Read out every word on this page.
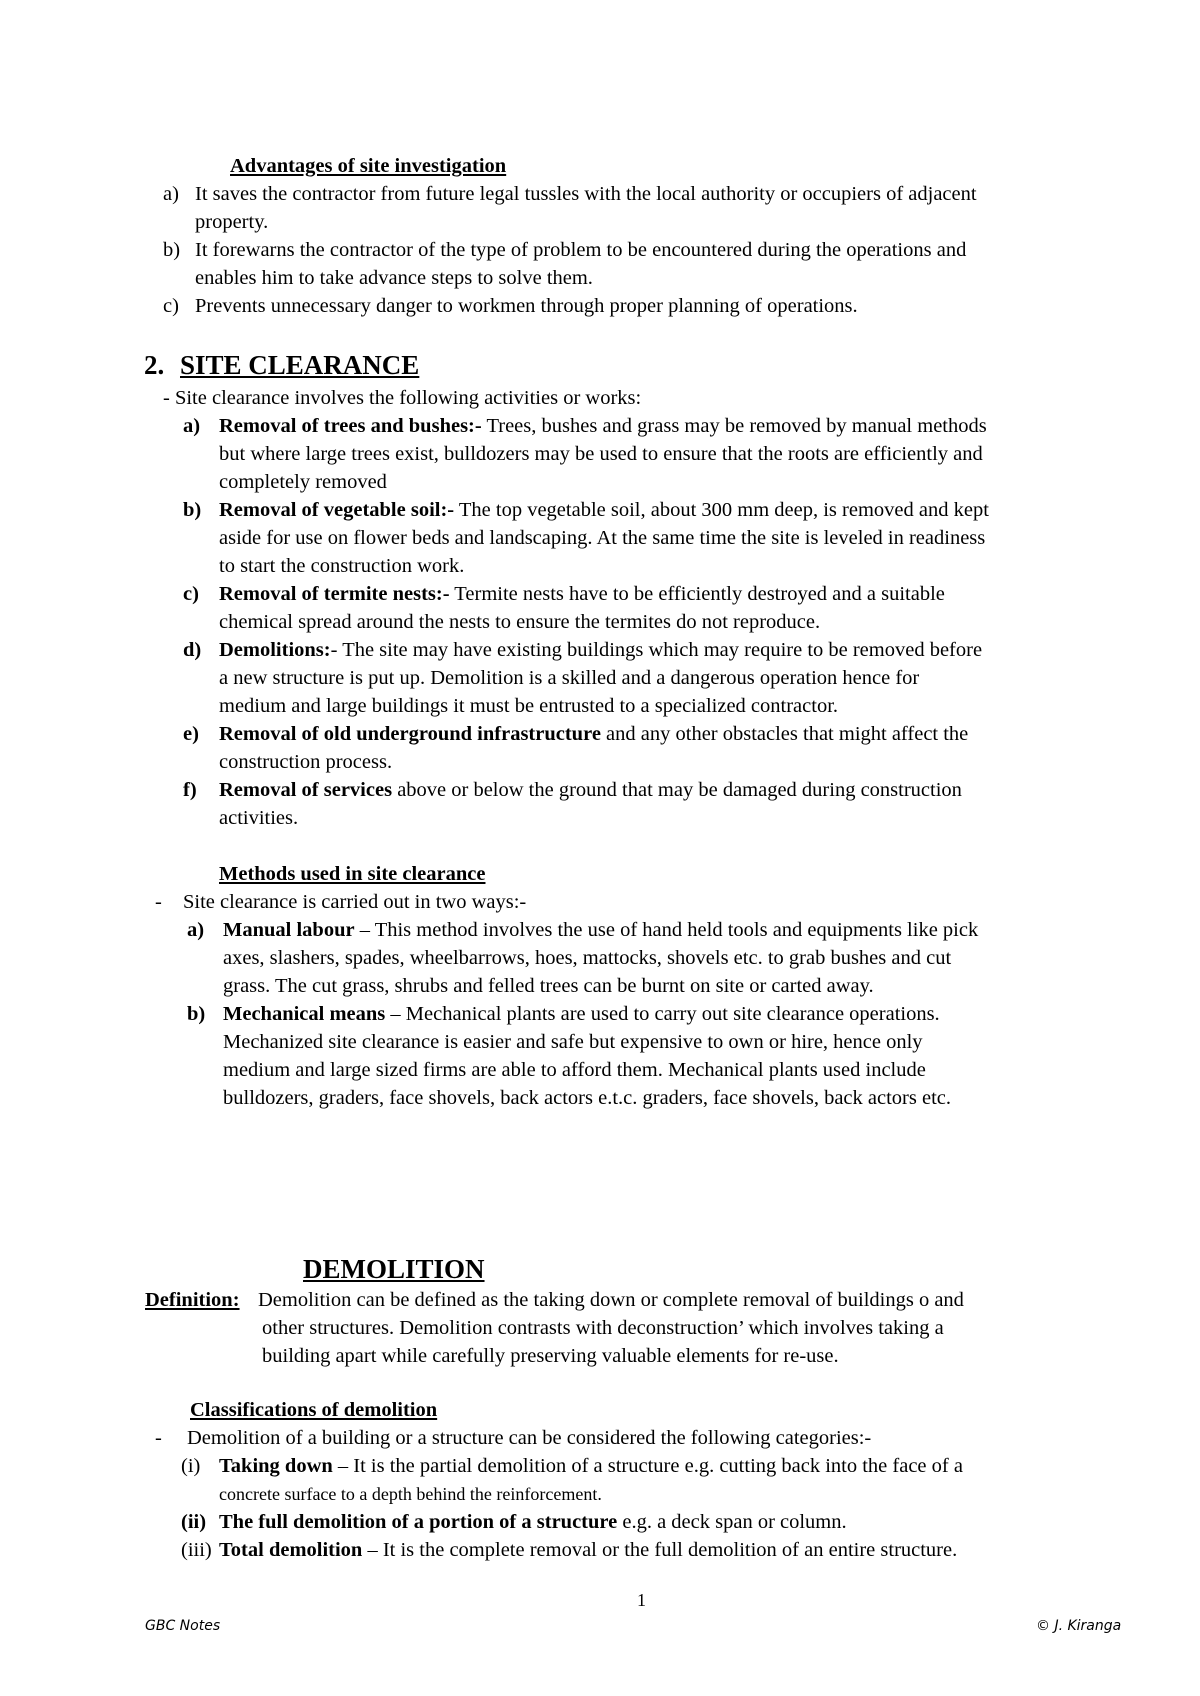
Advantages of site investigation
a) It saves the contractor from future legal tussles with the local authority or occupiers of adjacent
property.
b) It forewarns the contractor of the type of problem to be encountered during the operations and
enables him to take advance steps to solve them.
c) Prevents unnecessary danger to workmen through proper planning of operations.
2. SITE CLEARANCE
- Site clearance involves the following activities or works:
a) Removal of trees and bushes:- Trees, bushes and grass may be removed by manual methods
but where large trees exist, bulldozers may be used to ensure that the roots are efficiently and
completely removed
b) Removal of vegetable soil:- The top vegetable soil, about 300 mm deep, is removed and kept
aside for use on flower beds and landscaping. At the same time the site is leveled in readiness
to start the construction work.
c) Removal of termite nests:- Termite nests have to be efficiently destroyed and a suitable
chemical spread around the nests to ensure the termites do not reproduce.
d) Demolitions:- The site may have existing buildings which may require to be removed before
a new structure is put up. Demolition is a skilled and a dangerous operation hence for
medium and large buildings it must be entrusted to a specialized contractor.
e) Removal of old underground infrastructure and any other obstacles that might affect the
construction process.
f) Removal of services above or below the ground that may be damaged during construction
activities.
Methods used in site clearance
- Site clearance is carried out in two ways:-
a) Manual labour – This method involves the use of hand held tools and equipments like pick
axes, slashers, spades, wheelbarrows, hoes, mattocks, shovels etc. to grab bushes and cut
grass. The cut grass, shrubs and felled trees can be burnt on site or carted away.
b) Mechanical means – Mechanical plants are used to carry out site clearance operations.
Mechanized site clearance is easier and safe but expensive to own or hire, hence only
medium and large sized firms are able to afford them. Mechanical plants used include
bulldozers, graders, face shovels, back actors e.t.c. graders, face shovels, back actors etc.
DEMOLITION
Definition: Demolition can be defined as the taking down or complete removal of buildings o and
other structures. Demolition contrasts with deconstruction’ which involves taking a
building apart while carefully preserving valuable elements for re-use.
Classifications of demolition
- Demolition of a building or a structure can be considered the following categories:-
(i) Taking down – It is the partial demolition of a structure e.g. cutting back into the face of a
concrete surface to a depth behind the reinforcement.
(ii) The full demolition of a portion of a structure e.g. a deck span or column.
(iii) Total demolition – It is the complete removal or the full demolition of an entire structure.
1
GBC Notes	© J. Kiranga
